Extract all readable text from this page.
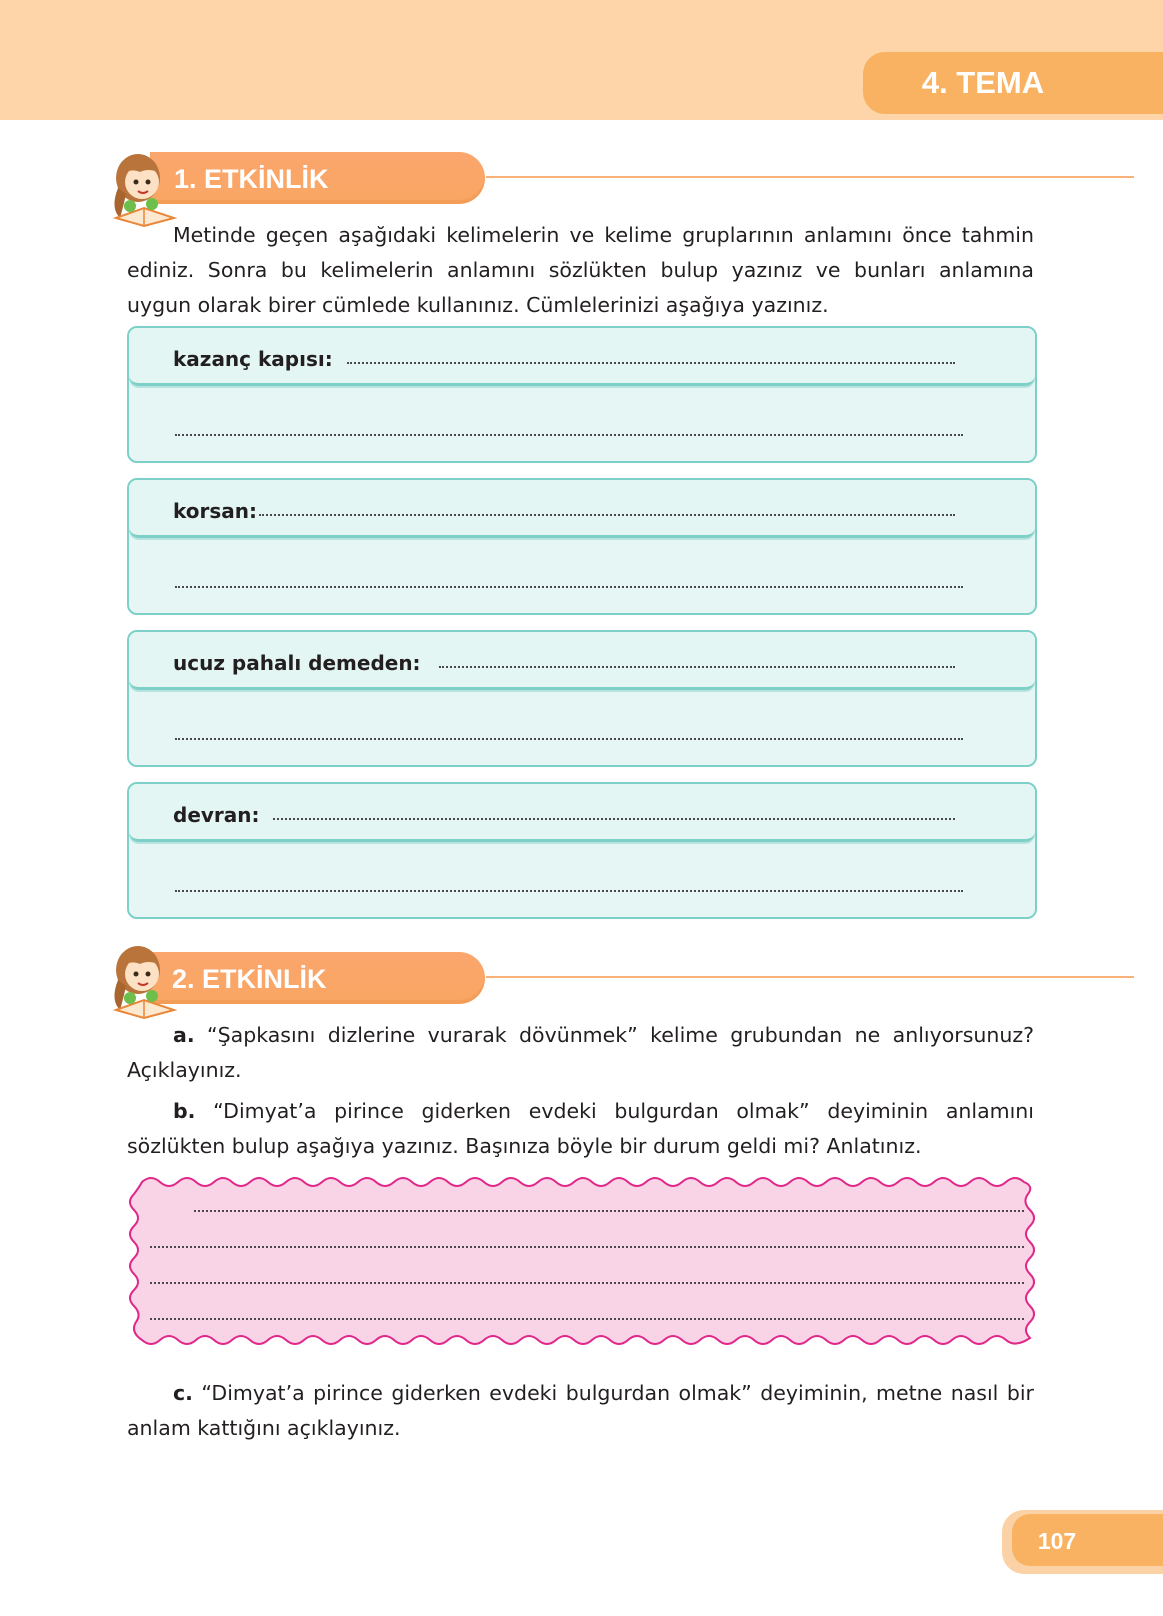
4. TEMA
1. ETKİNLİK

Metinde geçen aşağıdaki kelimelerin ve kelime gruplarının anlamını önce tahmin ediniz. Sonra bu kelimelerin anlamını sözlükten bulup yazınız ve bunları anlamına uygun olarak birer cümlede kullanınız. Cümlelerinizi aşağıya yazınız.

kazanç kapısı:
korsan:
ucuz pahalı demeden:
devran:
2. ETKİNLİK

a. “Şapkasını dizlerine vurarak dövünmek” kelime grubundan ne anlıyorsunuz? Açıklayınız.

b. “Dimyat’a pirince giderken evdeki bulgurdan olmak” deyiminin anlamını sözlükten bulup aşağıya yazınız. Başınıza böyle bir durum geldi mi? Anlatınız.

c. “Dimyat’a pirince giderken evdeki bulgurdan olmak” deyiminin, metne nasıl bir anlam kattığını açıklayınız.

107
